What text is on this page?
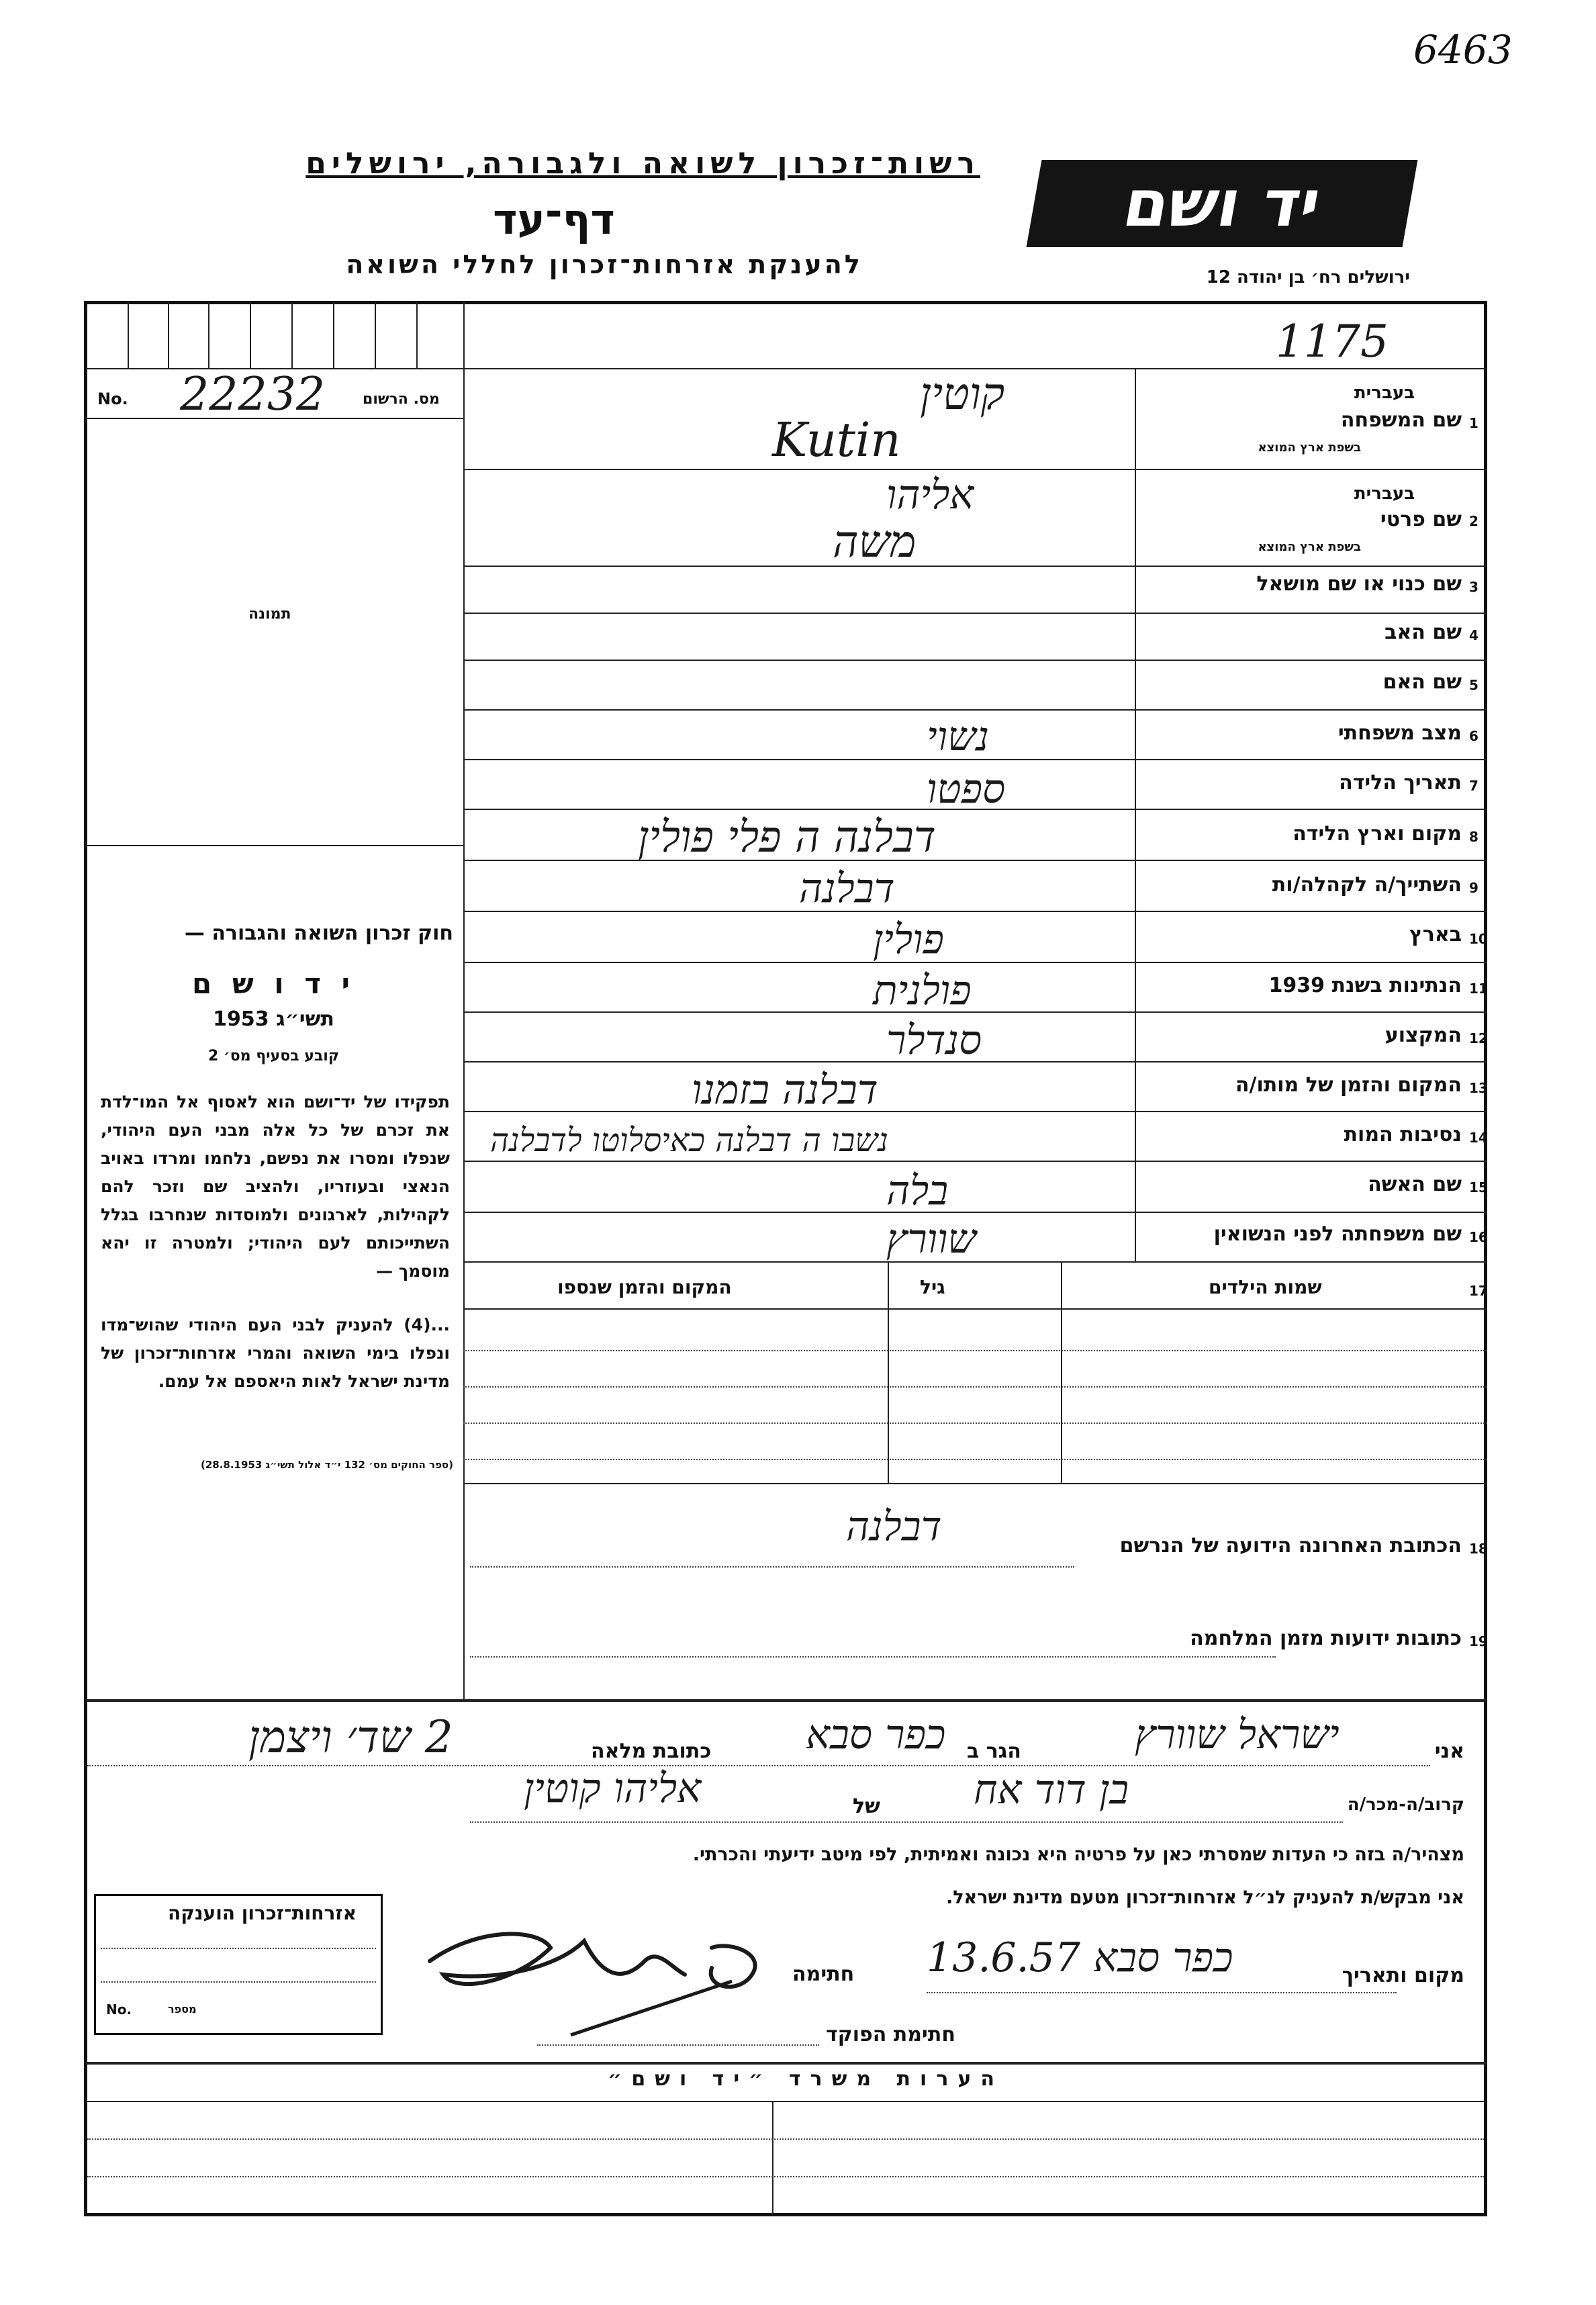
6463
רשות־זכרון לשואה ולגבורה, ירושלים
דף־עד
להענקת אזרחות־זכרון לחללי השואה
יד ושם
ירושלים רח׳ בן יהודה 12
1175
No. 22232	מס. הרשום
תמונה
1
שם המשפחה
בעברית
בשפת ארץ המוצא
קוטין
Kutin
2
שם פרטי
בעברית
בשפת ארץ המוצא
אליהו
משה
3
שם כנוי או שם מושאל
4
שם האב
5
שם האם
6
מצב משפחתי
נשוי
7
תאריך הלידה
ספטו
8
מקום וארץ הלידה
דבלנה ה פלי פולין
9
השתייך/ה לקהלה/ות
דבלנה
10
בארץ
פולין
11
הנתינות בשנת 1939
פולנית
12
המקצוע
סנדלר
13
המקום והזמן של מותו/ה
דבלנה בזמנו
14
נסיבות המות
נשבו ה דבלנה כאיסלוטו לדבלנה
15
שם האשה
בלה
16
שם משפחתה לפני הנשואין
שוורץ
17
שמות הילדים
גיל
המקום והזמן שנספו
18
הכתובת האחרונה הידועה של הנרשם
דבלנה
19
כתובות ידועות מזמן המלחמה
חוק זכרון השואה והגבורה —
י ד ו ש ם
תשי״ג 1953
קובע בסעיף מס׳ 2
תפקידו של יד־ושם הוא לאסוף אל המו־לדת את זכרם של כל אלה מבני העם היהודי, שנפלו ומסרו את נפשם, נלחמו ומרדו באויב הנאצי ובעוזריו, ולהציב שם וזכר להם לקהילות, לארגונים ולמוסדות שנחרבו בגלל השתייכותם לעם היהודי; ולמטרה זו יהא מוסמך —
...(4) להעניק לבני העם היהודי שהוש־מדו ונפלו בימי השואה והמרי אזרחות־זכרון של מדינת ישראל לאות היאספם אל עמם.
(ספר החוקים מס׳ 132 י״ד אלול תשי״ג 28.8.1953)
אני
ישראל שוורץ
הגר ב
כפר סבא
כתובת מלאה
2 שד׳ ויצמן
קרוב/ה-מכר/ה
בן דוד אח
של
אליהו קוטין
מצהיר/ה בזה כי העדות שמסרתי כאן על פרטיה היא נכונה ואמיתית, לפי מיטב ידיעתי והכרתי.
אני מבקש/ת להעניק לנ״ל אזרחות־זכרון מטעם מדינת ישראל.
מקום ותאריך
כפר סבא 13.6.57
חתימה
חתימת הפוקד
אזרחות־זכרון הוענקה
No.	מספר
הערות משרד ״יד ושם״
